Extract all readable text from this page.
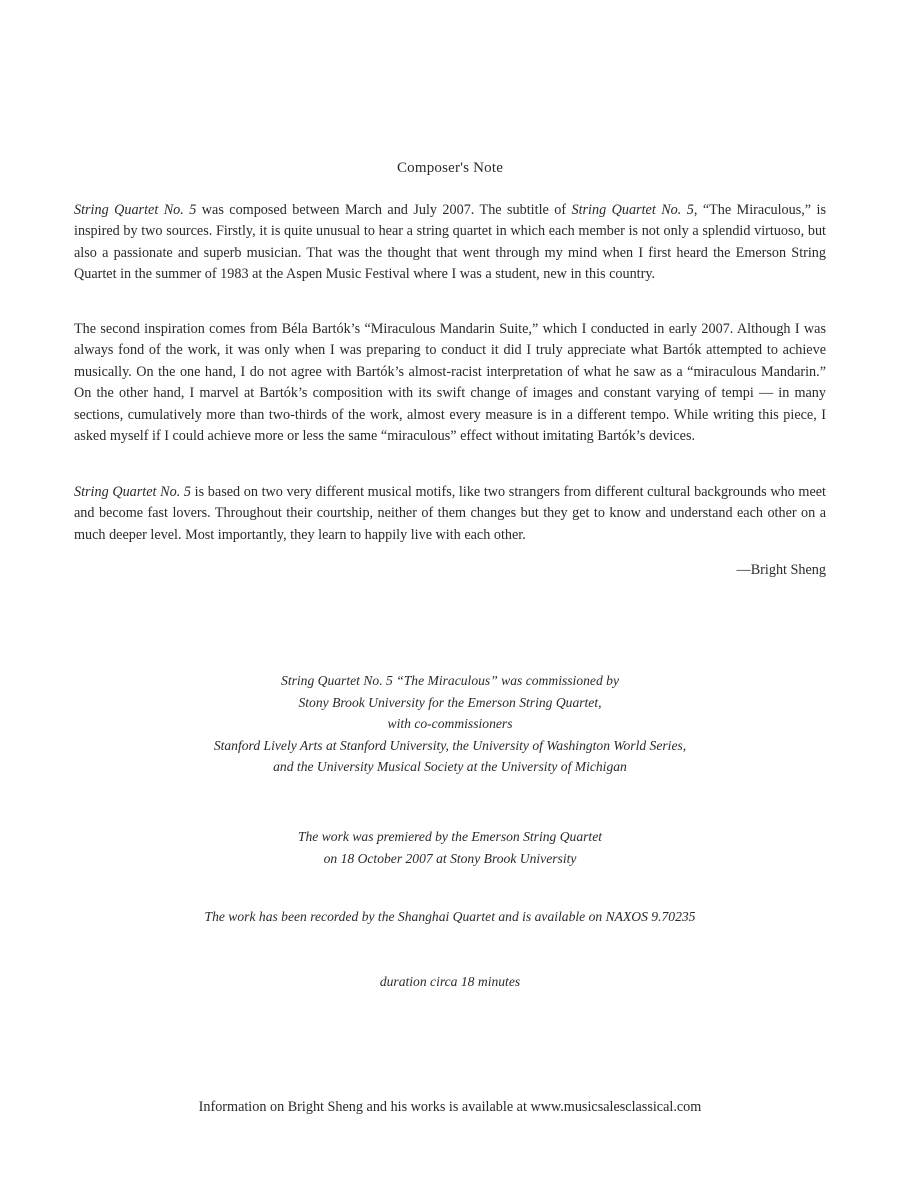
Composer's Note

String Quartet No. 5 was composed between March and July 2007. The subtitle of String Quartet No. 5, “The Miraculous,” is inspired by two sources. Firstly, it is quite unusual to hear a string quartet in which each member is not only a splendid virtuoso, but also a passionate and superb musician. That was the thought that went through my mind when I first heard the Emerson String Quartet in the summer of 1983 at the Aspen Music Festival where I was a student, new in this country.

The second inspiration comes from Béla Bartók’s “Miraculous Mandarin Suite,” which I conducted in early 2007. Although I was always fond of the work, it was only when I was preparing to conduct it did I truly appreciate what Bartók attempted to achieve musically. On the one hand, I do not agree with Bartók’s almost-racist interpretation of what he saw as a “miraculous Mandarin.” On the other hand, I marvel at Bartók’s composition with its swift change of images and constant varying of tempi — in many sections, cumulatively more than two-thirds of the work, almost every measure is in a different tempo. While writing this piece, I asked myself if I could achieve more or less the same “miraculous” effect without imitating Bartók’s devices.

String Quartet No. 5 is based on two very different musical motifs, like two strangers from different cultural backgrounds who meet and become fast lovers. Throughout their courtship, neither of them changes but they get to know and understand each other on a much deeper level. Most importantly, they learn to happily live with each other.

—Bright Sheng
String Quartet No. 5 “The Miraculous” was commissioned by
Stony Brook University for the Emerson String Quartet,
with co-commissioners
Stanford Lively Arts at Stanford University, the University of Washington World Series,
and the University Musical Society at the University of Michigan
The work was premiered by the Emerson String Quartet
on 18 October 2007 at Stony Brook University
The work has been recorded by the Shanghai Quartet and is available on NAXOS 9.70235
duration circa 18 minutes
Information on Bright Sheng and his works is available at www.musicsalesclassical.com
